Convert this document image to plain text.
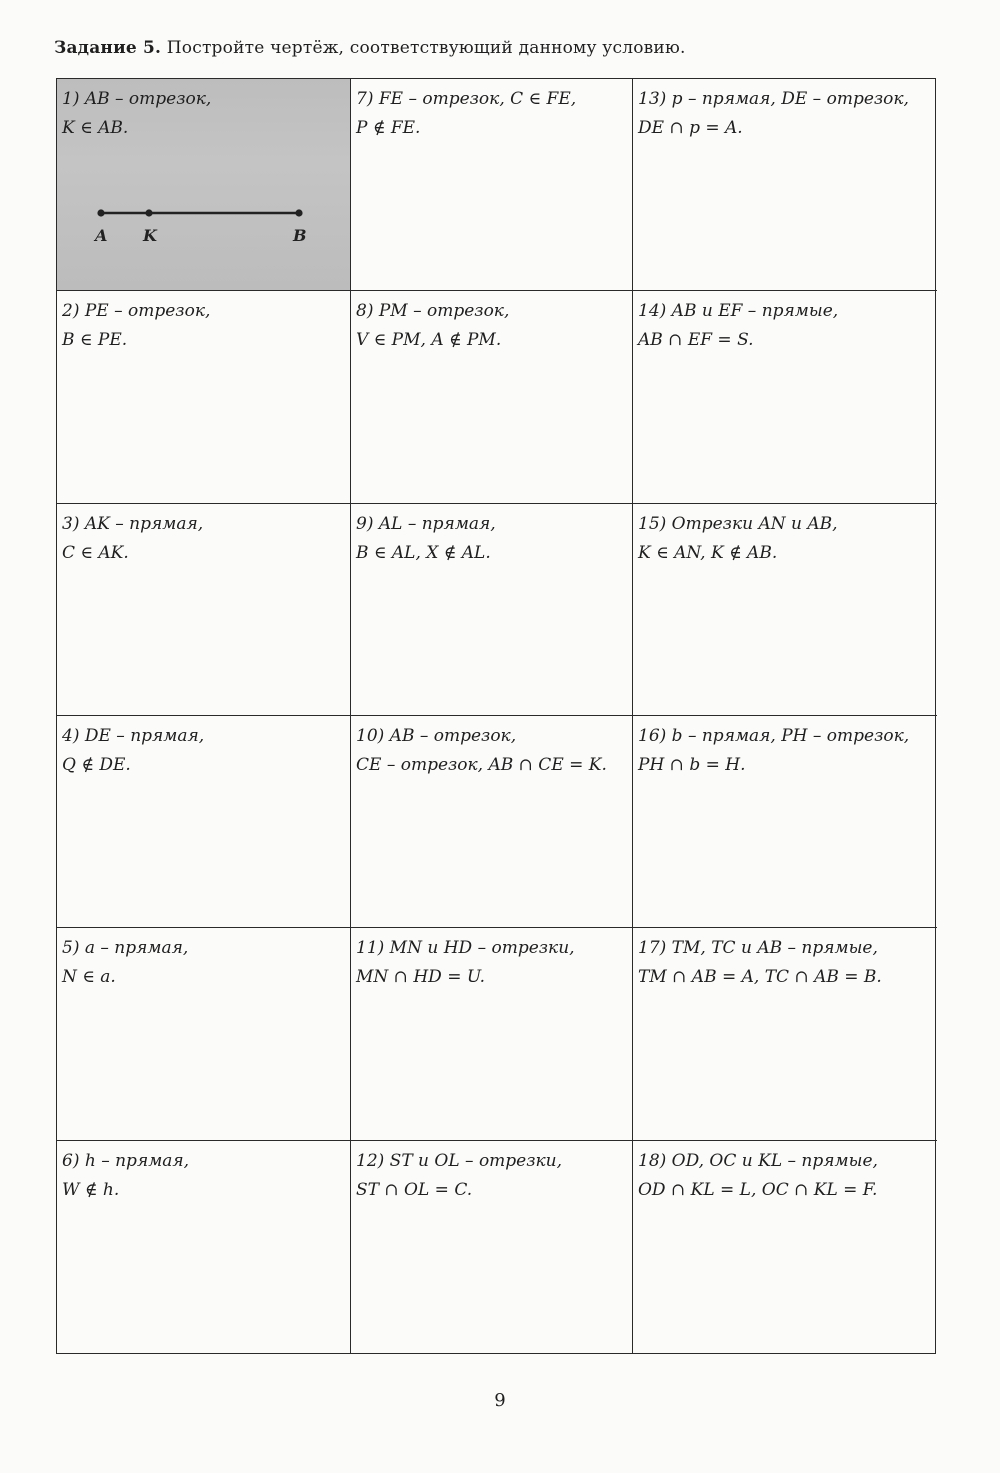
Задание 5. Постройте чертёж, соответствующий данному условию.
1) AB – отрезок,
K ∈ AB.
A K	B
7) FE – отрезок, C ∈ FE,
P ∉ FE.
13) p – прямая, DE – отрезок,
DE ∩ p = A.
2) PE – отрезок,
B ∈ PE.
8) PM – отрезок,
V ∈ PM, A ∉ PM.
14) AB и EF – прямые,
AB ∩ EF = S.
3) AK – прямая,
C ∈ AK.
9) AL – прямая,
B ∈ AL, X ∉ AL.
15) Отрезки AN и AB,
K ∈ AN, K ∉ AB.
4) DE – прямая,
Q ∉ DE.
10) AB – отрезок,
CE – отрезок, AB ∩ CE = K.
16) b – прямая, PH – отрезок,
PH ∩ b = H.
5) a – прямая,
N ∈ a.
11) MN и HD – отрезки,
MN ∩ HD = U.
17) TM, TC и AB – прямые,
TM ∩ AB = A, TC ∩ AB = B.
6) h – прямая,
W ∉ h.
12) ST и OL – отрезки,
ST ∩ OL = C.
18) OD, OC и KL – прямые,
OD ∩ KL = L, OC ∩ KL = F.
9
